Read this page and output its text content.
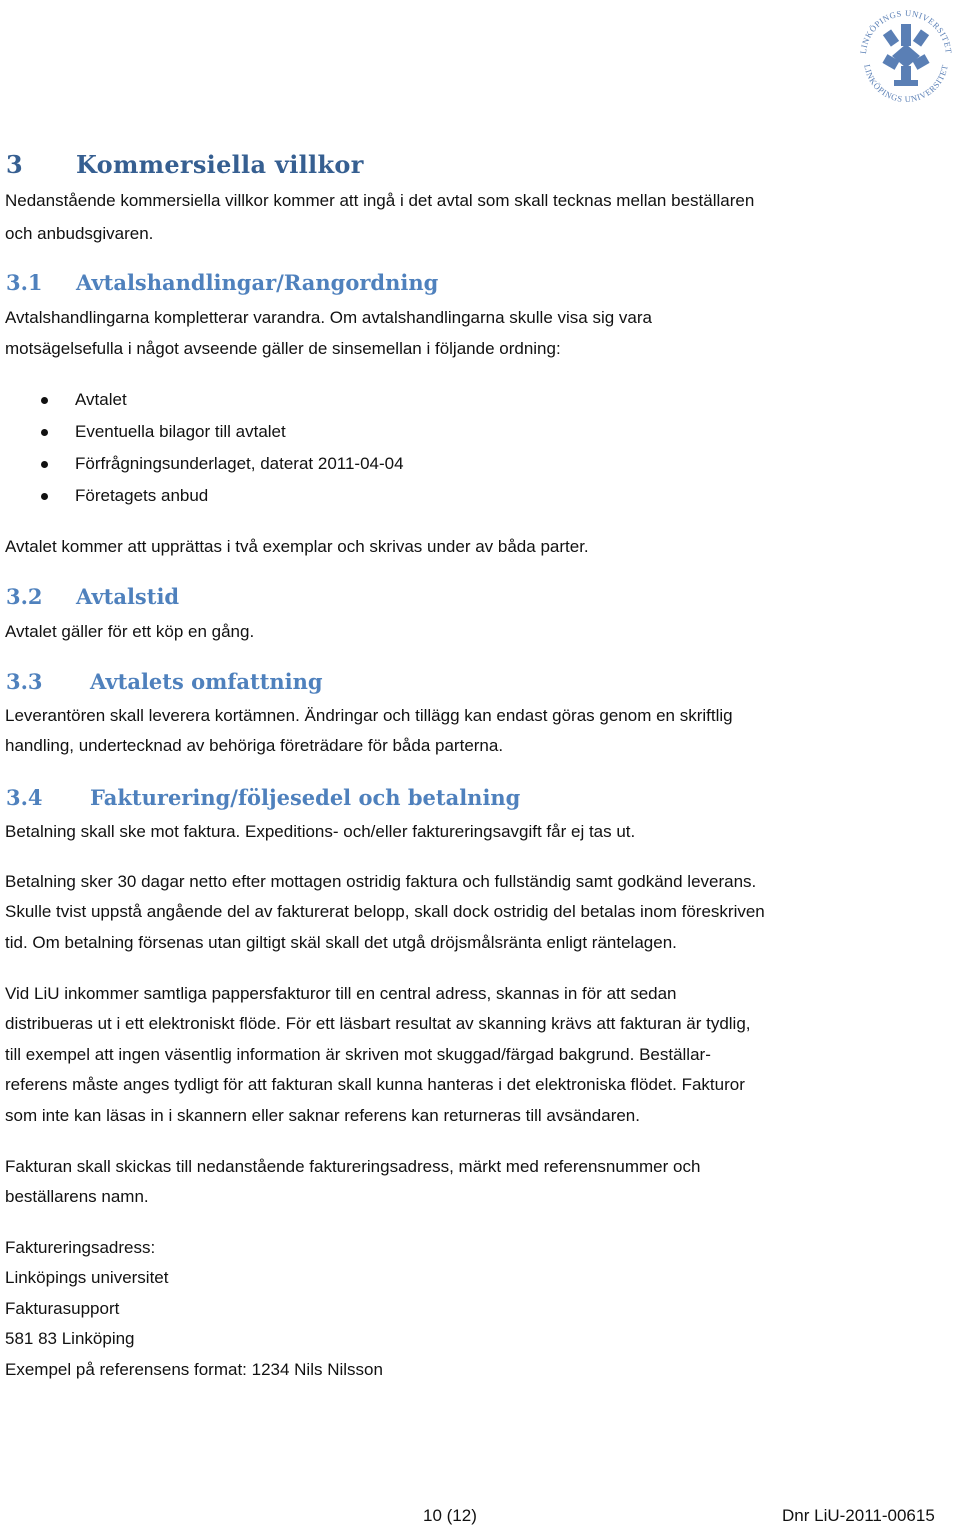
LINKÖPINGS UNIVERSITET
LINKÖPINGS UNIVERSITET
3 Kommersiella villkor

Nedanstående kommersiella villkor kommer att ingå i det avtal som skall tecknas mellan beställaren

och anbudsgivaren.

3.1 Avtalshandlingar/Rangordning

Avtalshandlingarna kompletterar varandra. Om avtalshandlingarna skulle visa sig vara

motsägelsefulla i något avseende gäller de sinsemellan i följande ordning:

Avtalet
Eventuella bilagor till avtalet
Förfrågningsunderlaget, daterat 2011-04-04
Företagets anbud

Avtalet kommer att upprättas i två exemplar och skrivas under av båda parter.

3.2 Avtalstid

Avtalet gäller för ett köp en gång.

3.3 Avtalets omfattning

Leverantören skall leverera kortämnen. Ändringar och tillägg kan endast göras genom en skriftlig

handling, undertecknad av behöriga företrädare för båda parterna.

3.4 Fakturering/följesedel och betalning

Betalning skall ske mot faktura. Expeditions- och/eller faktureringsavgift får ej tas ut.

Betalning sker 30 dagar netto efter mottagen ostridig faktura och fullständig samt godkänd leverans.

Skulle tvist uppstå angående del av fakturerat belopp, skall dock ostridig del betalas inom föreskriven

tid. Om betalning försenas utan giltigt skäl skall det utgå dröjsmålsränta enligt räntelagen.

Vid LiU inkommer samtliga pappersfakturor till en central adress, skannas in för att sedan

distribueras ut i ett elektroniskt flöde. För ett läsbart resultat av skanning krävs att fakturan är tydlig,

till exempel att ingen väsentlig information är skriven mot skuggad/färgad bakgrund. Beställar-

referens måste anges tydligt för att fakturan skall kunna hanteras i det elektroniska flödet. Fakturor

som inte kan läsas in i skannern eller saknar referens kan returneras till avsändaren.

Fakturan skall skickas till nedanstående faktureringsadress, märkt med referensnummer och

beställarens namn.

Faktureringsadress:

Linköpings universitet

Fakturasupport

581 83 Linköping

Exempel på referensens format: 1234 Nils Nilsson

10 (12)	Dnr LiU-2011-00615
